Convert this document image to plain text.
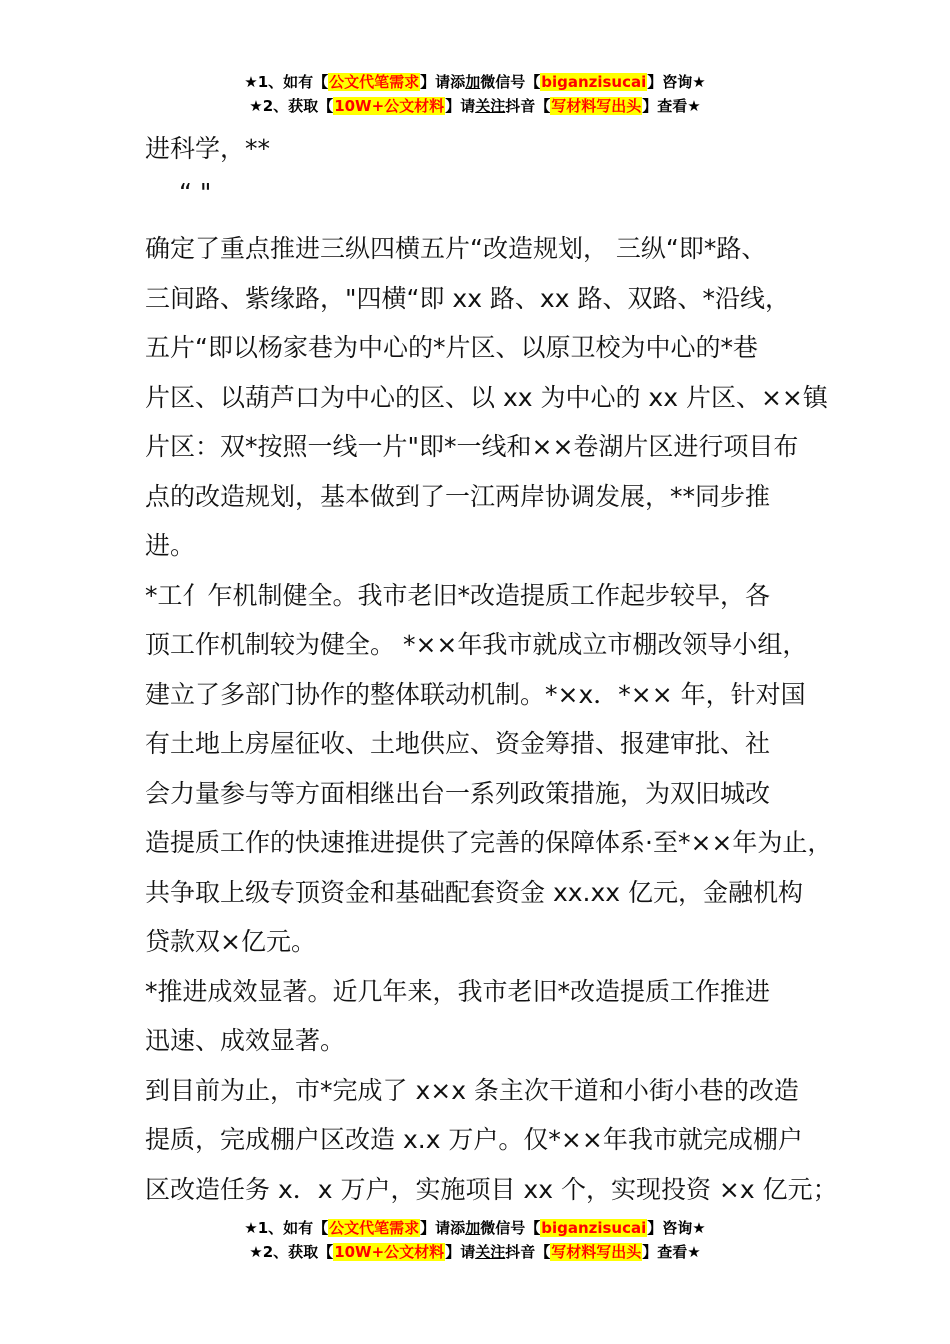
★1、如有【公文代笔需求】请添加微信号【biganzisucai】咨询★
★2、获取【10W+公文材料】请关注抖音【写材料写出头】查看★
进科学，**
“ "
确定了重点推进三纵四横五片“改造规划， 三纵“即*路、
三间路、紫缘路，"四横“即 xx 路、xx 路、双路、*沿线，
五片“即以杨家巷为中心的*片区、以原卫校为中心的*巷
片区、以葫芦口为中心的区、以 xx 为中心的 xx 片区、××镇
片区：双*按照一线一片"即*一线和××卷湖片区进行项目布
点的改造规划，基本做到了一江两岸协调发展，**同步推
进。
*工亻乍机制健全。我市老旧*改造提质工作起步较早，各
顶工作机制较为健全。 *××年我市就成立市棚改领导小组，
建立了多部门协作的整体联动机制。*×x．*×× 年，针对国
有土地上房屋征收、土地供应、资金筹措、报建审批、社
会力量参与等方面相继出台一系列政策措施，为双旧城改
造提质工作的快速推进提供了完善的保障体系·至*××年为止，
共争取上级专顶资金和基础配套资金 xx.xx 亿元，金融机构
贷款双×亿元。
*推进成效显著。近几年来，我市老旧*改造提质工作推进
迅速、成效显著。
到目前为止，市*完成了 x×x 条主次干道和小街小巷的改造
提质，完成棚户区改造 x.x 万户。仅*××年我市就完成棚户
区改造任务 x．x 万户，实施项目 xx 个，实现投资 ×x 亿元；
★1、如有【公文代笔需求】请添加微信号【biganzisucai】咨询★
★2、获取【10W+公文材料】请关注抖音【写材料写出头】查看★
